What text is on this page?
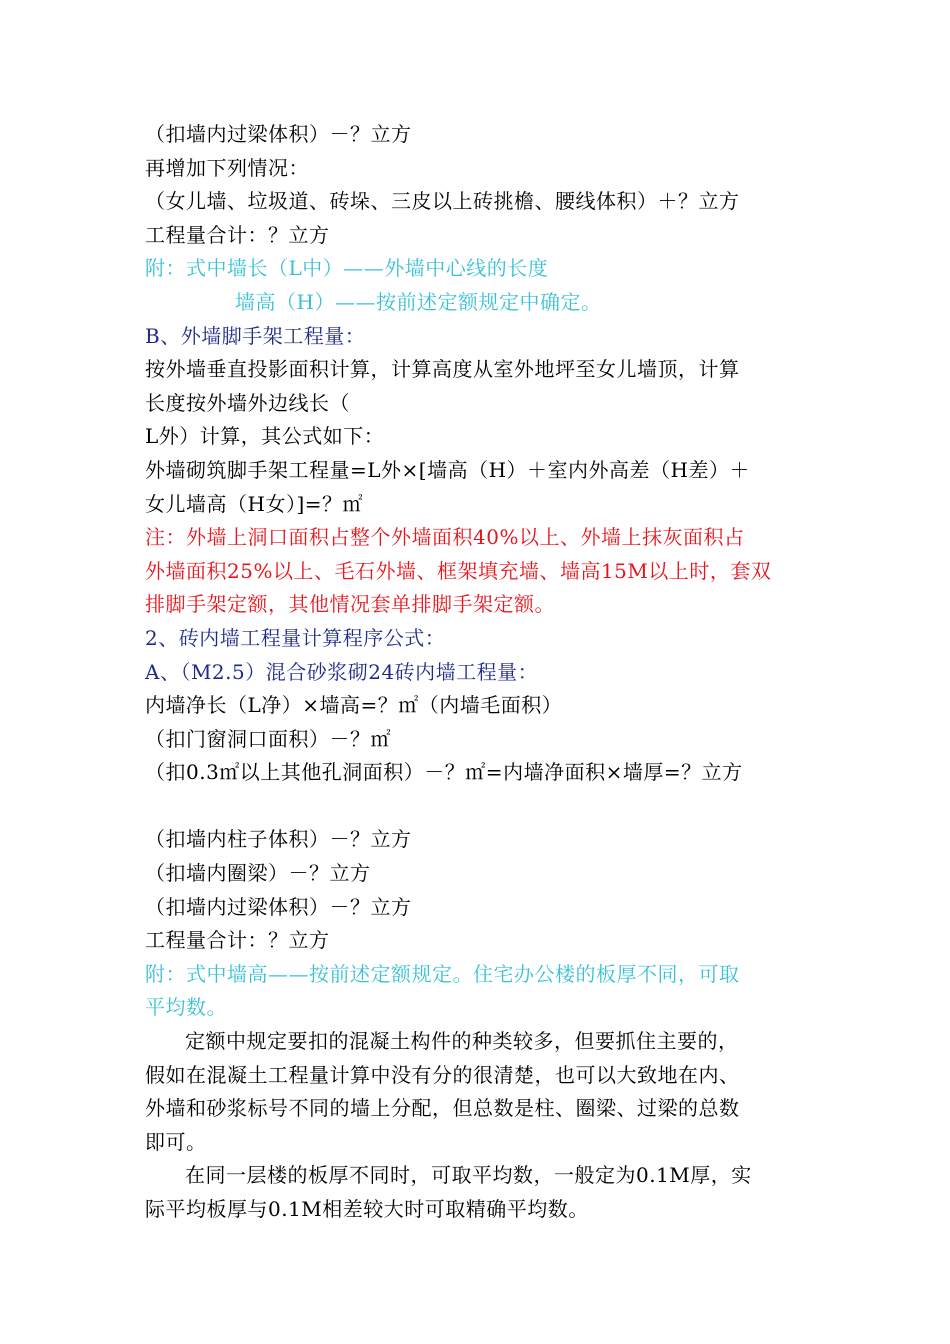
（扣墙内过梁体积）－？立方
再增加下列情况：
（女儿墙、垃圾道、砖垛、三皮以上砖挑檐、腰线体积）＋？立方
工程量合计：？立方
附：式中墙长（L中）——外墙中心线的长度
墙高（H）——按前述定额规定中确定。
B、外墙脚手架工程量：
按外墙垂直投影面积计算，计算高度从室外地坪至女儿墙顶，计算
长度按外墙外边线长（
L外）计算，其公式如下：
外墙砌筑脚手架工程量=L外×[墙高（H）＋室内外高差（H差）＋
女儿墙高（H女）]=？㎡
注：外墙上洞口面积占整个外墙面积40%以上、外墙上抹灰面积占
外墙面积25%以上、毛石外墙、框架填充墙、墙高15M以上时，套双
排脚手架定额，其他情况套单排脚手架定额。
2、砖内墙工程量计算程序公式：
A、（M2.5）混合砂浆砌24砖内墙工程量：
内墙净长（L净）×墙高=？㎡（内墙毛面积）
（扣门窗洞口面积）－？㎡
（扣0.3㎡以上其他孔洞面积）－？㎡=内墙净面积×墙厚=？立方
（扣墙内柱子体积）－？立方
（扣墙内圈梁）－？立方
（扣墙内过梁体积）－？立方
工程量合计：？立方
附：式中墙高——按前述定额规定。住宅办公楼的板厚不同，可取
平均数。
定额中规定要扣的混凝土构件的种类较多，但要抓住主要的，
假如在混凝土工程量计算中没有分的很清楚，也可以大致地在内、
外墙和砂浆标号不同的墙上分配，但总数是柱、圈梁、过梁的总数
即可。
在同一层楼的板厚不同时，可取平均数，一般定为0.1M厚，实
际平均板厚与0.1M相差较大时可取精确平均数。
